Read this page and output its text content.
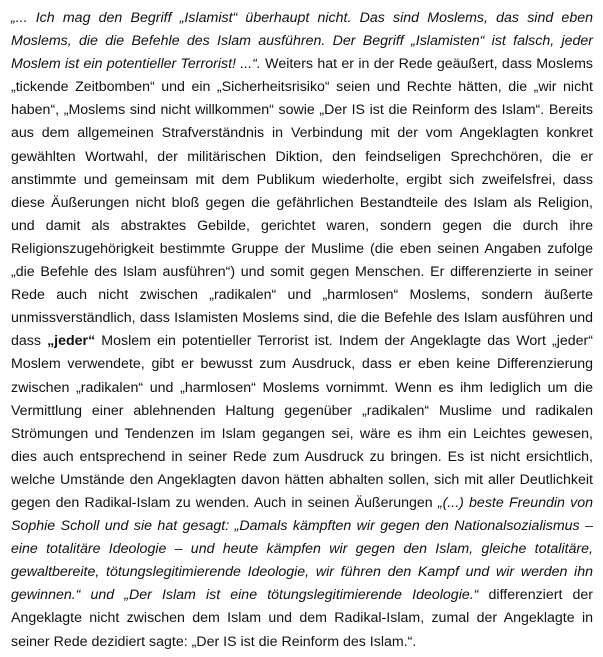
„... Ich mag den Begriff „Islamist“ überhaupt nicht. Das sind Moslems, das sind eben Moslems, die die Befehle des Islam ausführen. Der Begriff „Islamisten“ ist falsch, jeder Moslem ist ein potentieller Terrorist! ...“. Weiters hat er in der Rede geäußert, dass Moslems „tickende Zeitbomben“ und ein „Sicherheitsrisiko“ seien und Rechte hätten, die „wir nicht haben“, „Moslems sind nicht willkommen“ sowie „Der IS ist die Reinform des Islam“. Bereits aus dem allgemeinen Strafverständnis in Verbindung mit der vom Angeklagten konkret gewählten Wortwahl, der militärischen Diktion, den feindseligen Sprechchören, die er anstimmte und gemeinsam mit dem Publikum wiederholte, ergibt sich zweifelsfrei, dass diese Äußerungen nicht bloß gegen die gefährlichen Bestandteile des Islam als Religion, und damit als abstraktes Gebilde, gerichtet waren, sondern gegen die durch ihre Religionszugehörigkeit bestimmte Gruppe der Muslime (die eben seinen Angaben zufolge „die Befehle des Islam ausführen“) und somit gegen Menschen. Er differenzierte in seiner Rede auch nicht zwischen „radikalen“ und „harmlosen“ Moslems, sondern äußerte unmissverständlich, dass Islamisten Moslems sind, die die Befehle des Islam ausführen und dass „jeder“ Moslem ein potentieller Terrorist ist. Indem der Angeklagte das Wort „jeder“ Moslem verwendete, gibt er bewusst zum Ausdruck, dass er eben keine Differenzierung zwischen „radikalen“ und „harmlosen“ Moslems vornimmt. Wenn es ihm lediglich um die Vermittlung einer ablehnenden Haltung gegenüber „radikalen“ Muslime und radikalen Strömungen und Tendenzen im Islam gegangen sei, wäre es ihm ein Leichtes gewesen, dies auch entsprechend in seiner Rede zum Ausdruck zu bringen. Es ist nicht ersichtlich, welche Umstände den Angeklagten davon hätten abhalten sollen, sich mit aller Deutlichkeit gegen den Radikal-Islam zu wenden. Auch in seinen Äußerungen „(...) beste Freundin von Sophie Scholl und sie hat gesagt: „Damals kämpften wir gegen den Nationalsozialismus – eine totalitäre Ideologie – und heute kämpfen wir gegen den Islam, gleiche totalitäre, gewaltbereite, tötungslegitimierende Ideologie, wir führen den Kampf und wir werden ihn gewinnen.“ und „Der Islam ist eine tötungslegitimierende Ideologie.“ differenziert der Angeklagte nicht zwischen dem Islam und dem Radikal-Islam, zumal der Angeklagte in seiner Rede dezidiert sagte: „Der IS ist die Reinform des Islam.“.
